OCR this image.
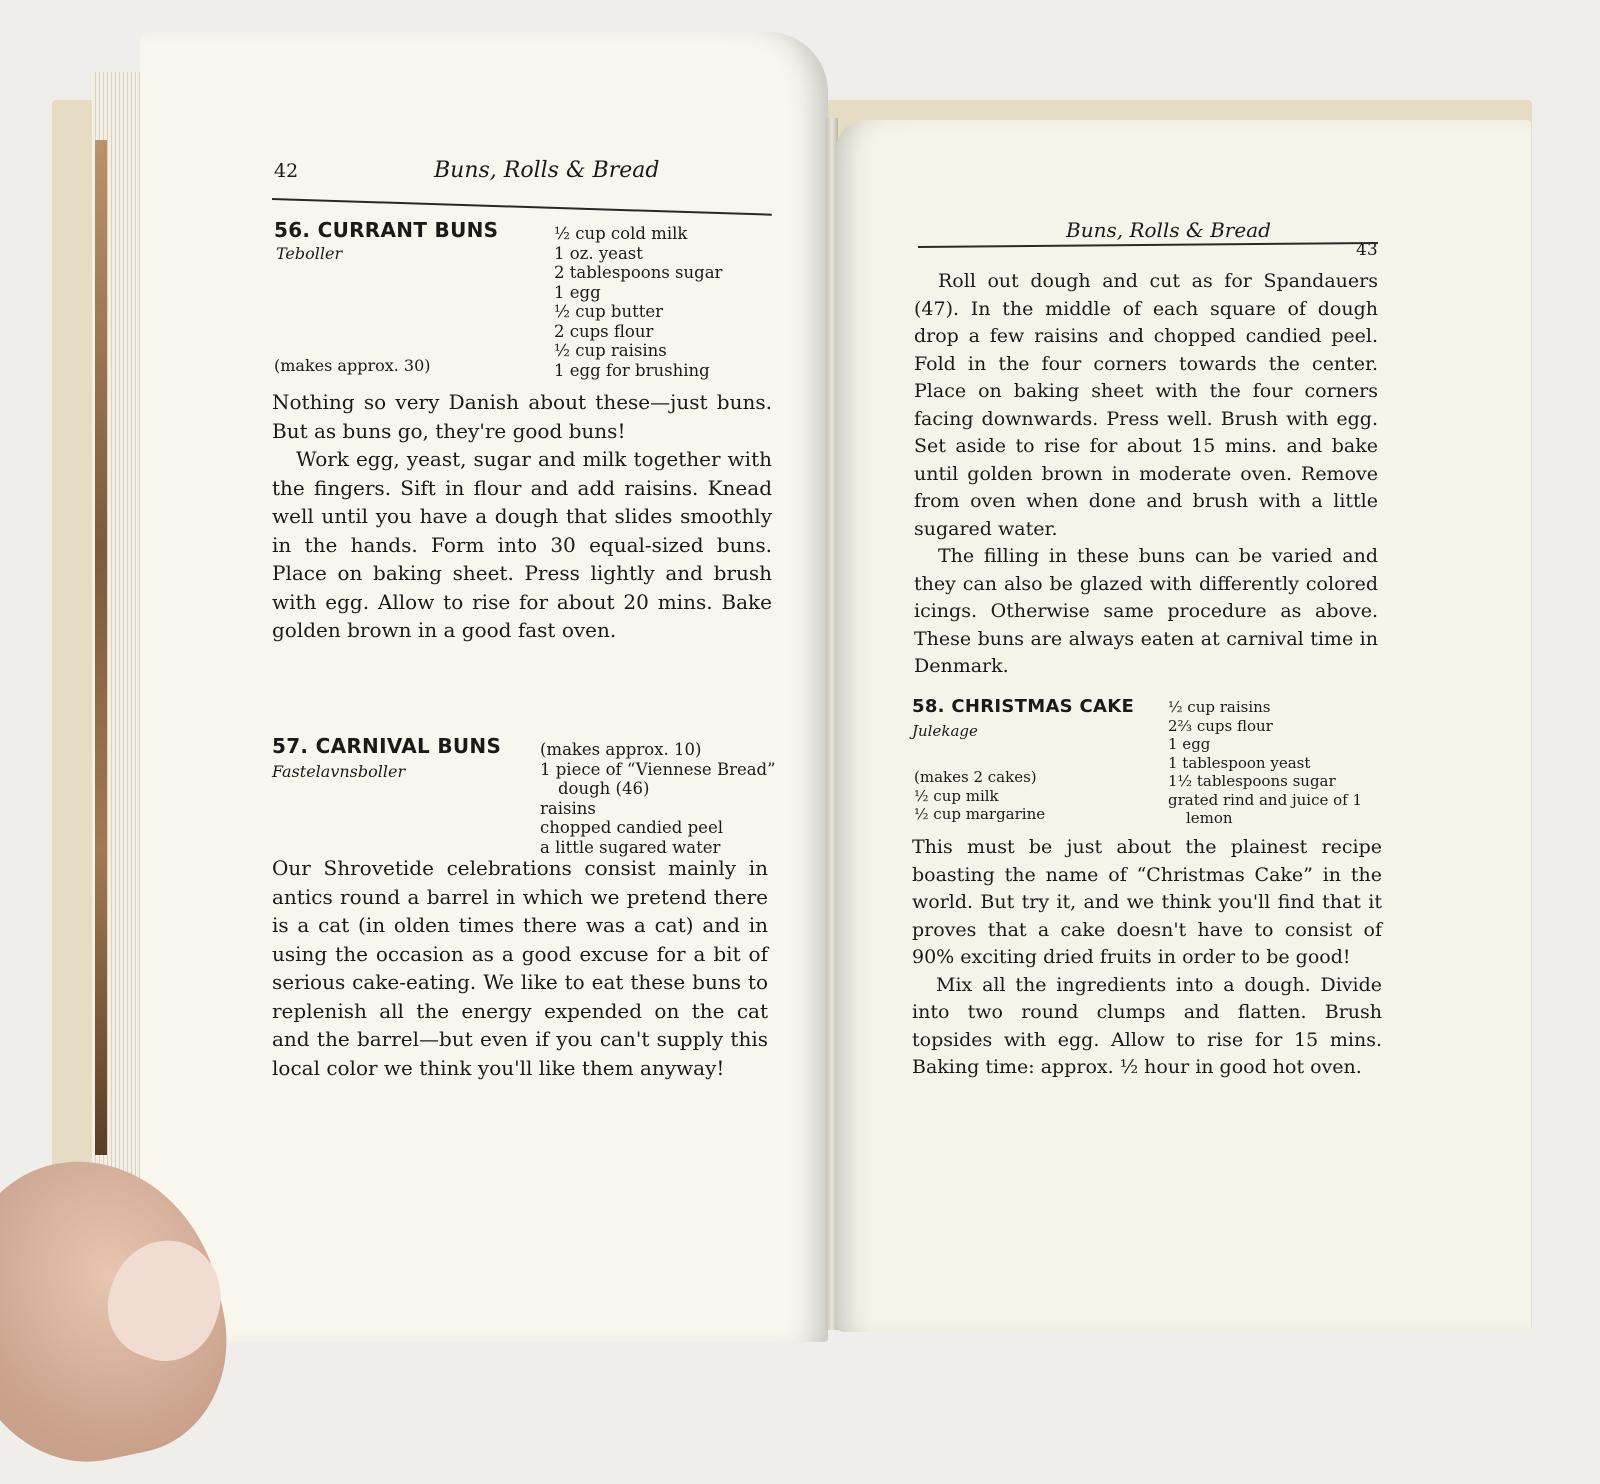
42	Buns, Rolls & Bread
56. CURRANT BUNS
Teboller
(makes approx. 30)
½ cup cold milk
1 oz. yeast
2 tablespoons sugar
1 egg
½ cup butter
2 cups flour
½ cup raisins
1 egg for brushing

Nothing so very Danish about these—just buns. But as buns go, they're good buns!

Work egg, yeast, sugar and milk together with the fingers. Sift in flour and add raisins. Knead well until you have a dough that slides smoothly in the hands. Form into 30 equal-sized buns. Place on baking sheet. Press lightly and brush with egg. Allow to rise for about 20 mins. Bake golden brown in a good fast oven.

57. CARNIVAL BUNS
Fastelavnsboller
(makes approx. 10)
1 piece of “Viennese Bread”
dough (46)
raisins
chopped candied peel
a little sugared water

Our Shrovetide celebrations consist mainly in antics round a barrel in which we pretend there is a cat (in olden times there was a cat) and in using the occasion as a good excuse for a bit of serious cake-eating. We like to eat these buns to replenish all the energy expended on the cat and the barrel—but even if you can't supply this local color we think you'll like them anyway!

Buns, Rolls & Bread
43

Roll out dough and cut as for Spandauers (47). In the middle of each square of dough drop a few raisins and chopped candied peel. Fold in the four corners towards the center. Place on baking sheet with the four corners facing downwards. Press well. Brush with egg. Set aside to rise for about 15 mins. and bake until golden brown in moderate oven. Remove from oven when done and brush with a little sugared water.

The filling in these buns can be varied and they can also be glazed with differently colored icings. Otherwise same procedure as above. These buns are always eaten at carnival time in Denmark.

58. CHRISTMAS CAKE
Julekage
(makes 2 cakes)
½ cup milk
½ cup margarine
½ cup raisins
2⅔ cups flour
1 egg
1 tablespoon yeast
1½ tablespoons sugar
grated rind and juice of 1
lemon

This must be just about the plainest recipe boasting the name of “Christmas Cake” in the world. But try it, and we think you'll find that it proves that a cake doesn't have to consist of 90% exciting dried fruits in order to be good!

Mix all the ingredients into a dough. Divide into two round clumps and flatten. Brush topsides with egg. Allow to rise for 15 mins. Baking time: approx. ½ hour in good hot oven.
